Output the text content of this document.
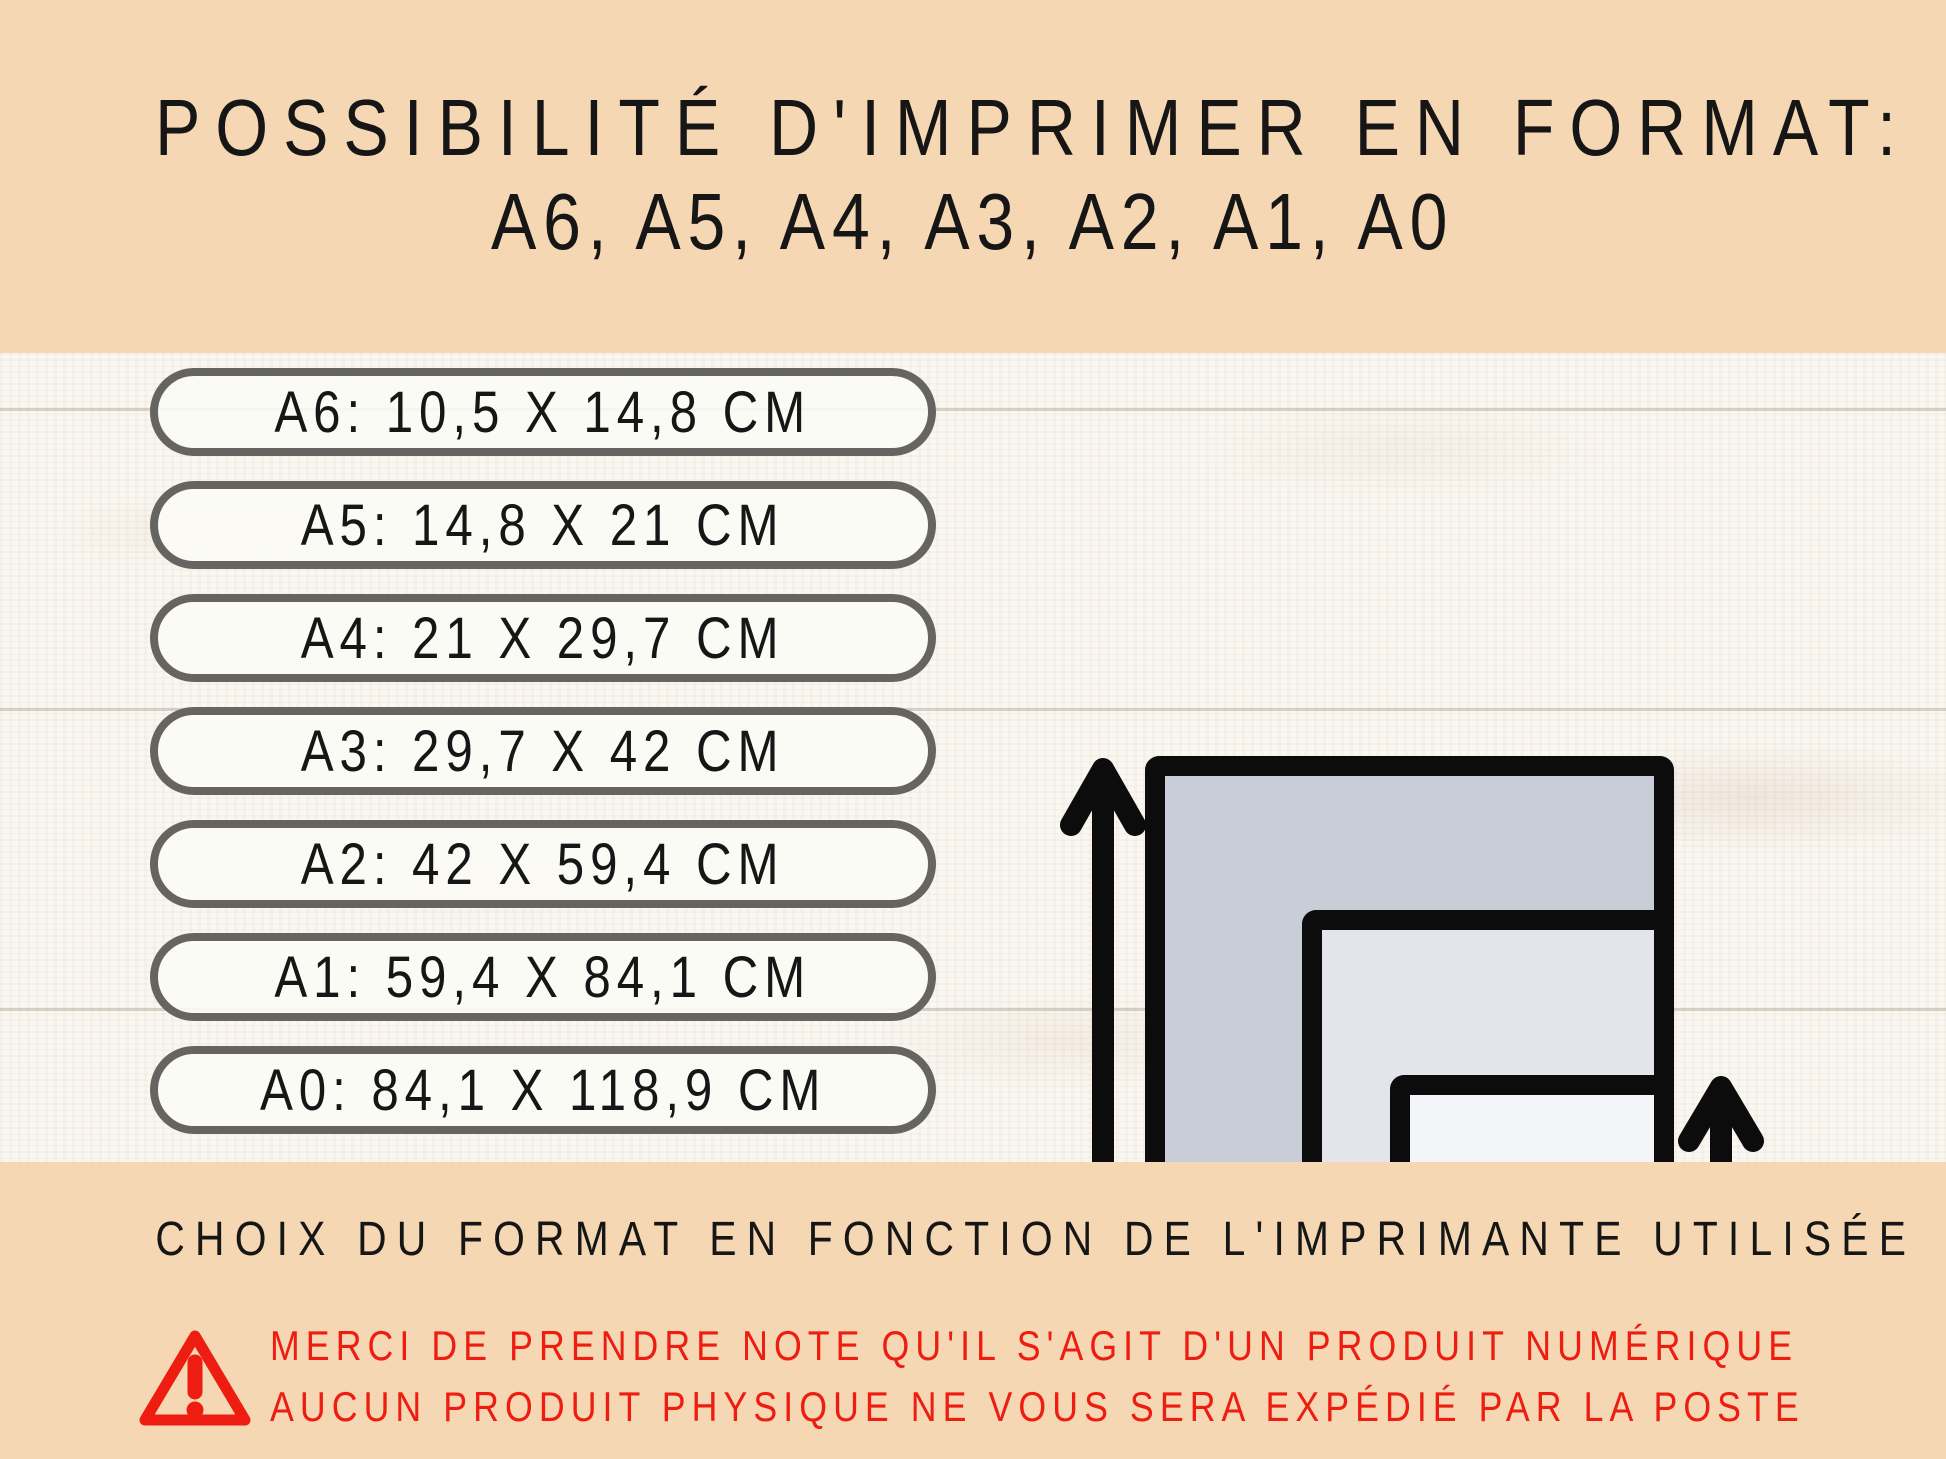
POSSIBILITÉ D'IMPRIMER EN FORMAT:
A6, A5, A4, A3, A2, A1, A0
A6: 10,5 X 14,8 CM
A5: 14,8 X 21 CM
A4: 21 X 29,7 CM
A3: 29,7 X 42 CM
A2: 42 X 59,4 CM
A1: 59,4 X 84,1 CM
A0: 84,1 X 118,9 CM
CHOIX DU FORMAT EN FONCTION DE L'IMPRIMANTE UTILISÉE
MERCI DE PRENDRE NOTE QU'IL S'AGIT D'UN PRODUIT NUMÉRIQUE
AUCUN PRODUIT PHYSIQUE NE VOUS SERA EXPÉDIÉ PAR LA POSTE
